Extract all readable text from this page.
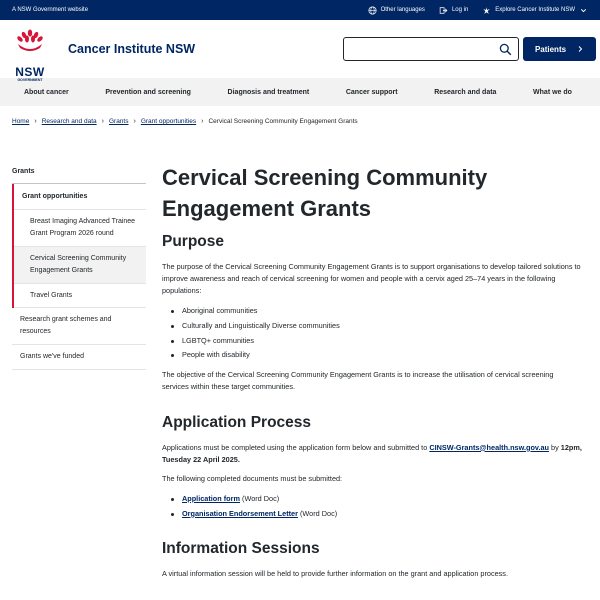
A NSW Government website	Other languages	Log in	Explore Cancer Institute NSW
NSW
GOVERNMENT
Cancer Institute NSW	Patients
About cancer	Prevention and screening	Diagnosis and treatment	Cancer support	Research and data	What we do
Home › Research and data › Grants › Grant opportunities › Cervical Screening Community Engagement Grants
Grants
Grant opportunities
Breast Imaging Advanced Trainee Grant Program 2026 round
Cervical Screening Community Engagement Grants
Travel Grants
Research grant schemes and resources
Grants we've funded
Cervical Screening Community Engagement Grants
Purpose

The purpose of the Cervical Screening Community Engagement Grants is to support organisations to develop tailored solutions to improve awareness and reach of cervical screening for women and people with a cervix aged 25–74 years in the following populations:

Aboriginal communities
Culturally and Linguistically Diverse communities
LGBTQ+ communities
People with disability

The objective of the Cervical Screening Community Engagement Grants is to increase the utilisation of cervical screening services within these target communities.

Application Process

Applications must be completed using the application form below and submitted to CINSW-Grants@health.nsw.gov.au by 12pm, Tuesday 22 April 2025.

The following completed documents must be submitted:

Application form (Word Doc)
Organisation Endorsement Letter (Word Doc)
Information Sessions

A virtual information session will be held to provide further information on the grant and application process.
